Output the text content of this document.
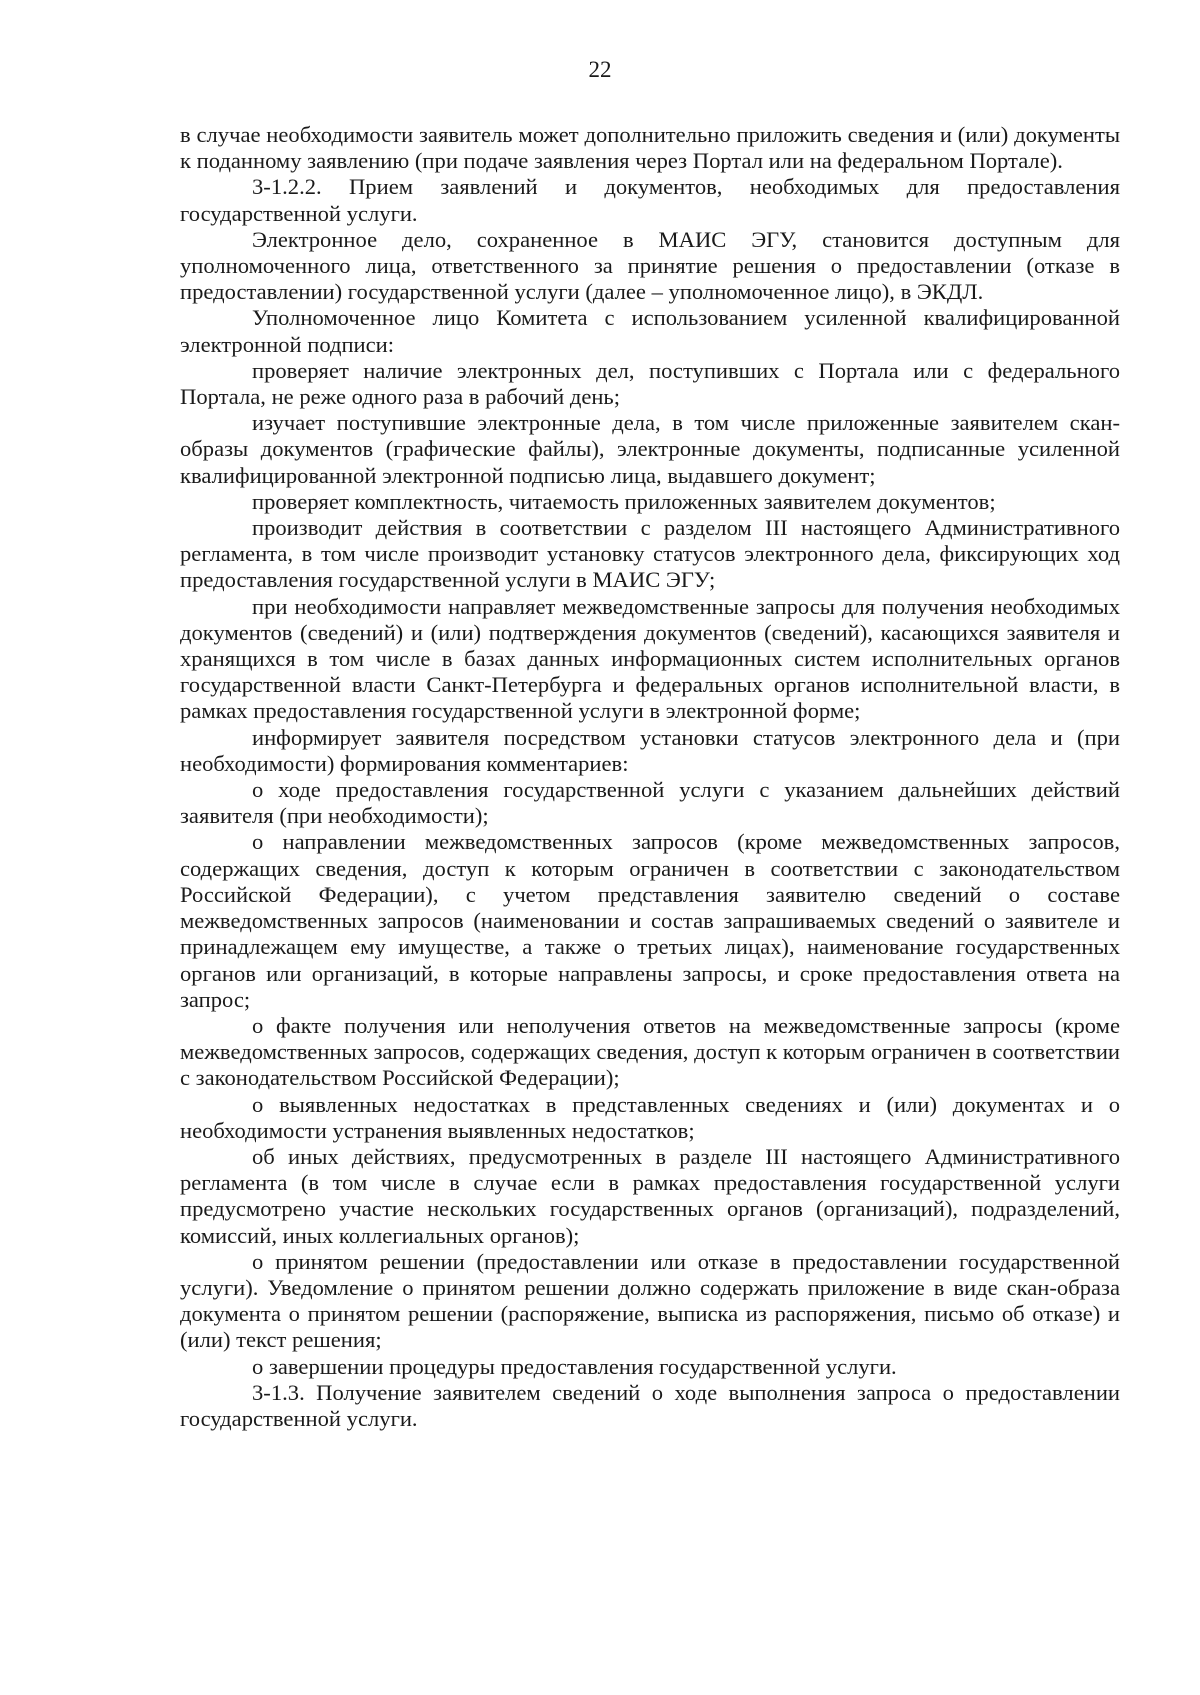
22

в случае необходимости заявитель может дополнительно приложить сведения и (или) документы к поданному заявлению (при подаче заявления через Портал или на федеральном Портале).

3-1.2.2. Прием заявлений и документов, необходимых для предоставления государственной услуги.

Электронное дело, сохраненное в МАИС ЭГУ, становится доступным для уполномоченного лица, ответственного за принятие решения о предоставлении (отказе в предоставлении) государственной услуги (далее – уполномоченное лицо), в ЭКДЛ.

Уполномоченное лицо Комитета с использованием усиленной квалифицированной электронной подписи:

проверяет наличие электронных дел, поступивших с Портала или с федерального Портала, не реже одного раза в рабочий день;

изучает поступившие электронные дела, в том числе приложенные заявителем скан-образы документов (графические файлы), электронные документы, подписанные усиленной квалифицированной электронной подписью лица, выдавшего документ;

проверяет комплектность, читаемость приложенных заявителем документов;

производит действия в соответствии с разделом III настоящего Административного регламента, в том числе производит установку статусов электронного дела, фиксирующих ход предоставления государственной услуги в МАИС ЭГУ;

при необходимости направляет межведомственные запросы для получения необходимых документов (сведений) и (или) подтверждения документов (сведений), касающихся заявителя и хранящихся в том числе в базах данных информационных систем исполнительных органов государственной власти Санкт-Петербурга и федеральных органов исполнительной власти, в рамках предоставления государственной услуги в электронной форме;

информирует заявителя посредством установки статусов электронного дела и (при необходимости) формирования комментариев:

о ходе предоставления государственной услуги с указанием дальнейших действий заявителя (при необходимости);

о направлении межведомственных запросов (кроме межведомственных запросов, содержащих сведения, доступ к которым ограничен в соответствии с законодательством Российской Федерации), с учетом представления заявителю сведений о составе межведомственных запросов (наименовании и состав запрашиваемых сведений о заявителе и принадлежащем ему имуществе, а также о третьих лицах), наименование государственных органов или организаций, в которые направлены запросы, и сроке предоставления ответа на запрос;

о факте получения или неполучения ответов на межведомственные запросы (кроме межведомственных запросов, содержащих сведения, доступ к которым ограничен в соответствии с законодательством Российской Федерации);

о выявленных недостатках в представленных сведениях и (или) документах и о необходимости устранения выявленных недостатков;

об иных действиях, предусмотренных в разделе III настоящего Административного регламента (в том числе в случае если в рамках предоставления государственной услуги предусмотрено участие нескольких государственных органов (организаций), подразделений, комиссий, иных коллегиальных органов);

о принятом решении (предоставлении или отказе в предоставлении государственной услуги). Уведомление о принятом решении должно содержать приложение в виде скан-образа документа о принятом решении (распоряжение, выписка из распоряжения, письмо об отказе) и (или) текст решения;

о завершении процедуры предоставления государственной услуги.

3-1.3. Получение заявителем сведений о ходе выполнения запроса о предоставлении государственной услуги.
